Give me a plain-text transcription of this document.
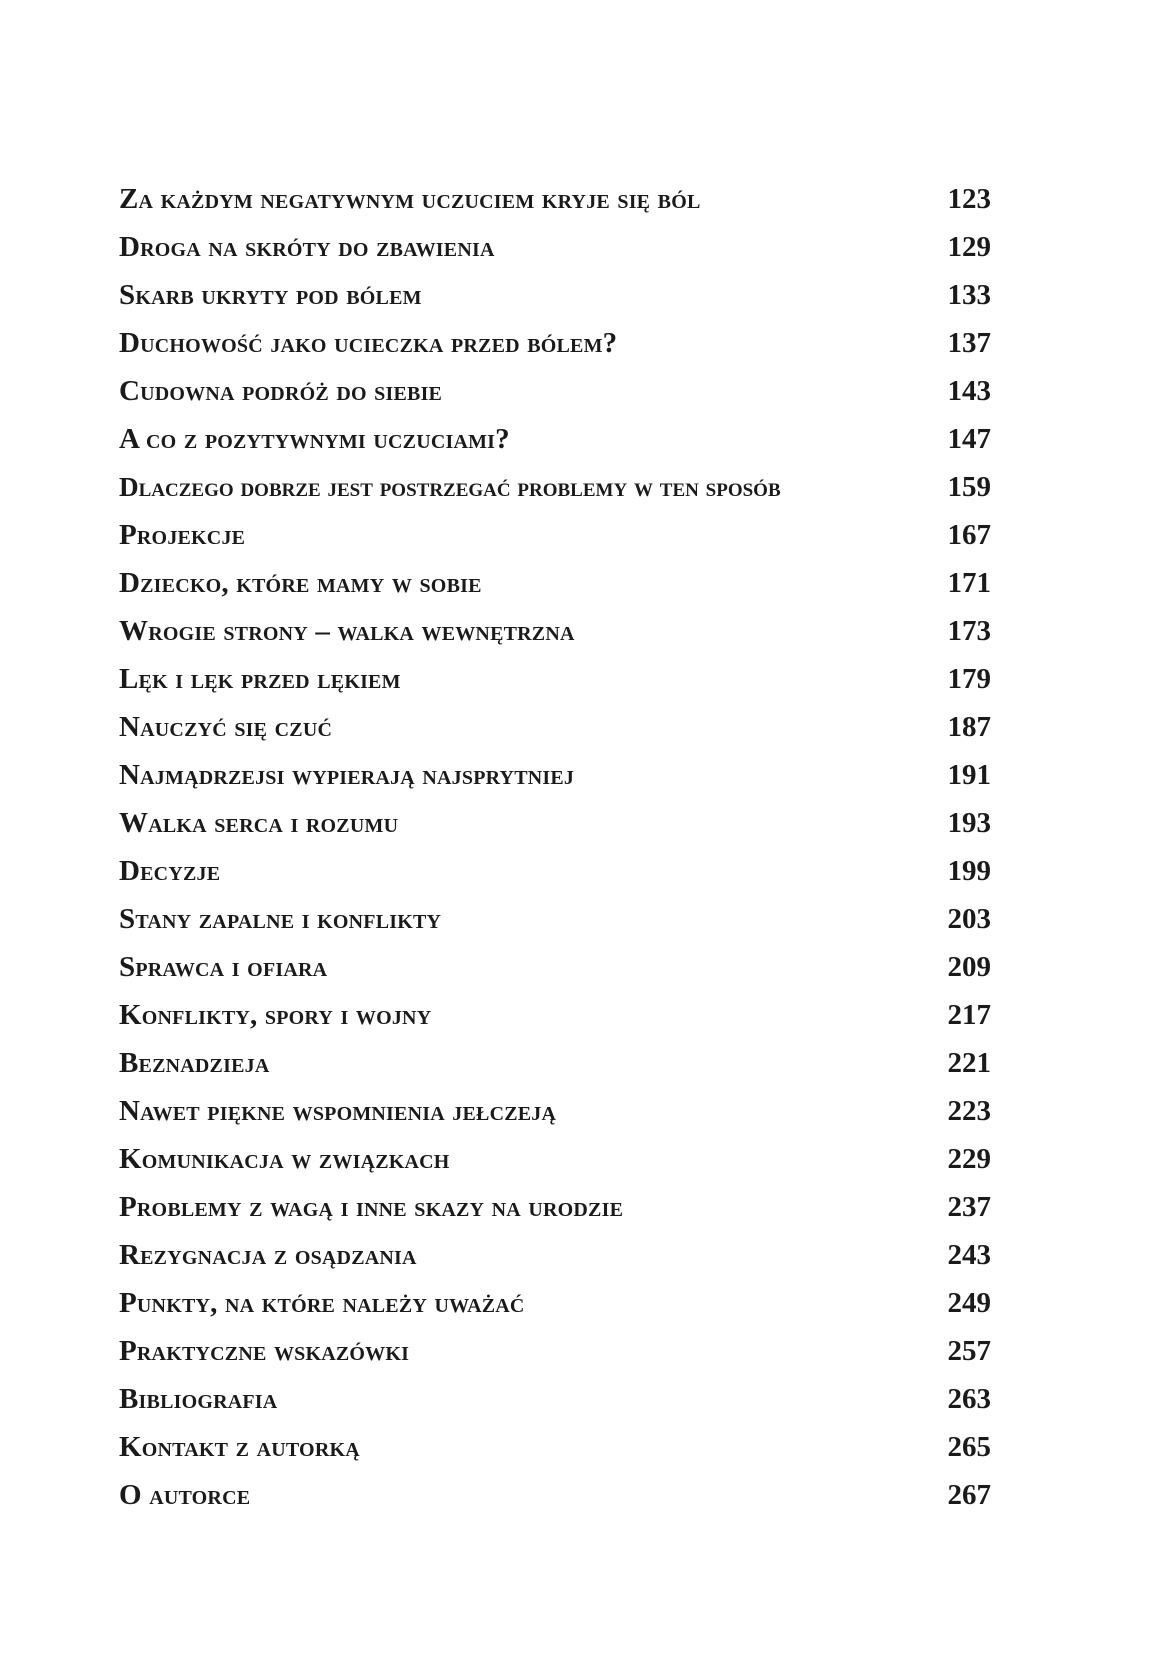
Za każdym negatywnym uczuciem kryje się ból	123
Droga na skróty do zbawienia	129
Skarb ukryty pod bólem	133
Duchowość jako ucieczka przed bólem?	137
Cudowna podróż do siebie	143
A co z pozytywnymi uczuciami?	147
Dlaczego dobrze jest postrzegać problemy w ten sposób	159
Projekcje	167
Dziecko, które mamy w sobie	171
Wrogie strony – walka wewnętrzna	173
Lęk i lęk przed lękiem	179
Nauczyć się czuć	187
Najmądrzejsi wypierają najsprytniej	191
Walka serca i rozumu	193
Decyzje	199
Stany zapalne i konflikty	203
Sprawca i ofiara	209
Konflikty, spory i wojny	217
Beznadzieja	221
Nawet piękne wspomnienia jełczeją	223
Komunikacja w związkach	229
Problemy z wagą i inne skazy na urodzie	237
Rezygnacja z osądzania	243
Punkty, na które należy uważać	249
Praktyczne wskazówki	257
Bibliografia	263
Kontakt z autorką	265
O autorce	267
